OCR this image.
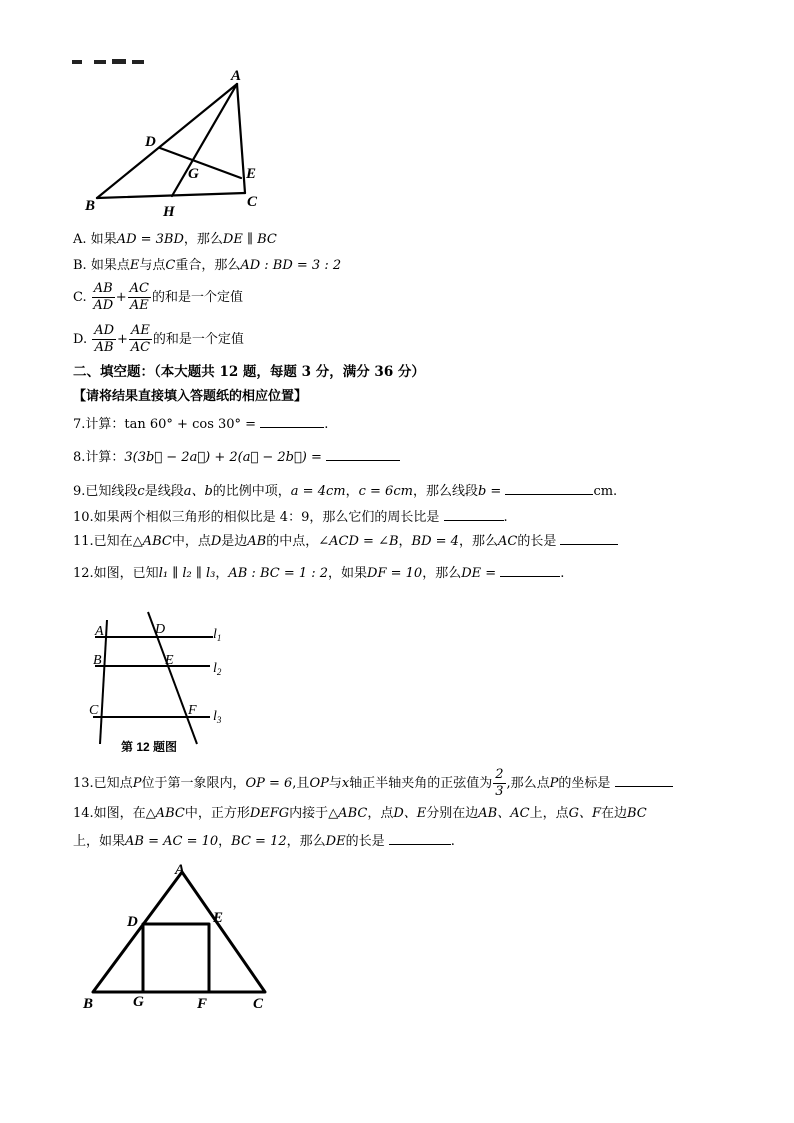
A
D
G	E
B	H
C
A. 如果AD = 3BD，那么DE ∥ BC
B. 如果点E与点C重合，那么AD : BD = 3 : 2
C. $\frac{AB}{AD} + \frac{AC}{AE}$ 的和是一个定值
D. $\frac{AD}{AB} + \frac{AE}{AC}$ 的和是一个定值
二、填空题：（本大题共 12 题，每题 3 分，满分 36 分）
【请将结果直接填入答题纸的相应位置】
7.计算：tan 60° + cos 30° =	.
8.计算：3(3b⃗ − 2a⃗) + 2(a⃗ − 2b⃗) =
9.已知线段c是线段a、b的比例中项，a = 4cm，c = 6cm，那么线段b =	cm.
10.如果两个相似三角形的相似比是 4：9，那么它们的周长比是	.
11.已知在△ABC中，点D是边AB的中点，∠ACD = ∠B，BD = 4，那么AC的长是
12.如图，已知l₁ ∥ l₂ ∥ l₃，AB : BC = 1 : 2，如果DF = 10，那么DE =	.
A	D
B	E
C	F
$l_1$
$l_2$
$l_3$
第 12 题图
13.已知点P位于第一象限内，OP = 6,且OP与x轴正半轴夹角的正弦值为 $\frac{2}{3}$ ,那么点P的坐标是
14.如图，在△ABC中，正方形DEFG内接于△ABC，点D、E分别在边AB、AC上，点G、F在边BC
上，如果AB = AC = 10，BC = 12，那么DE的长是	.
A
D	E
B	G	F	C
